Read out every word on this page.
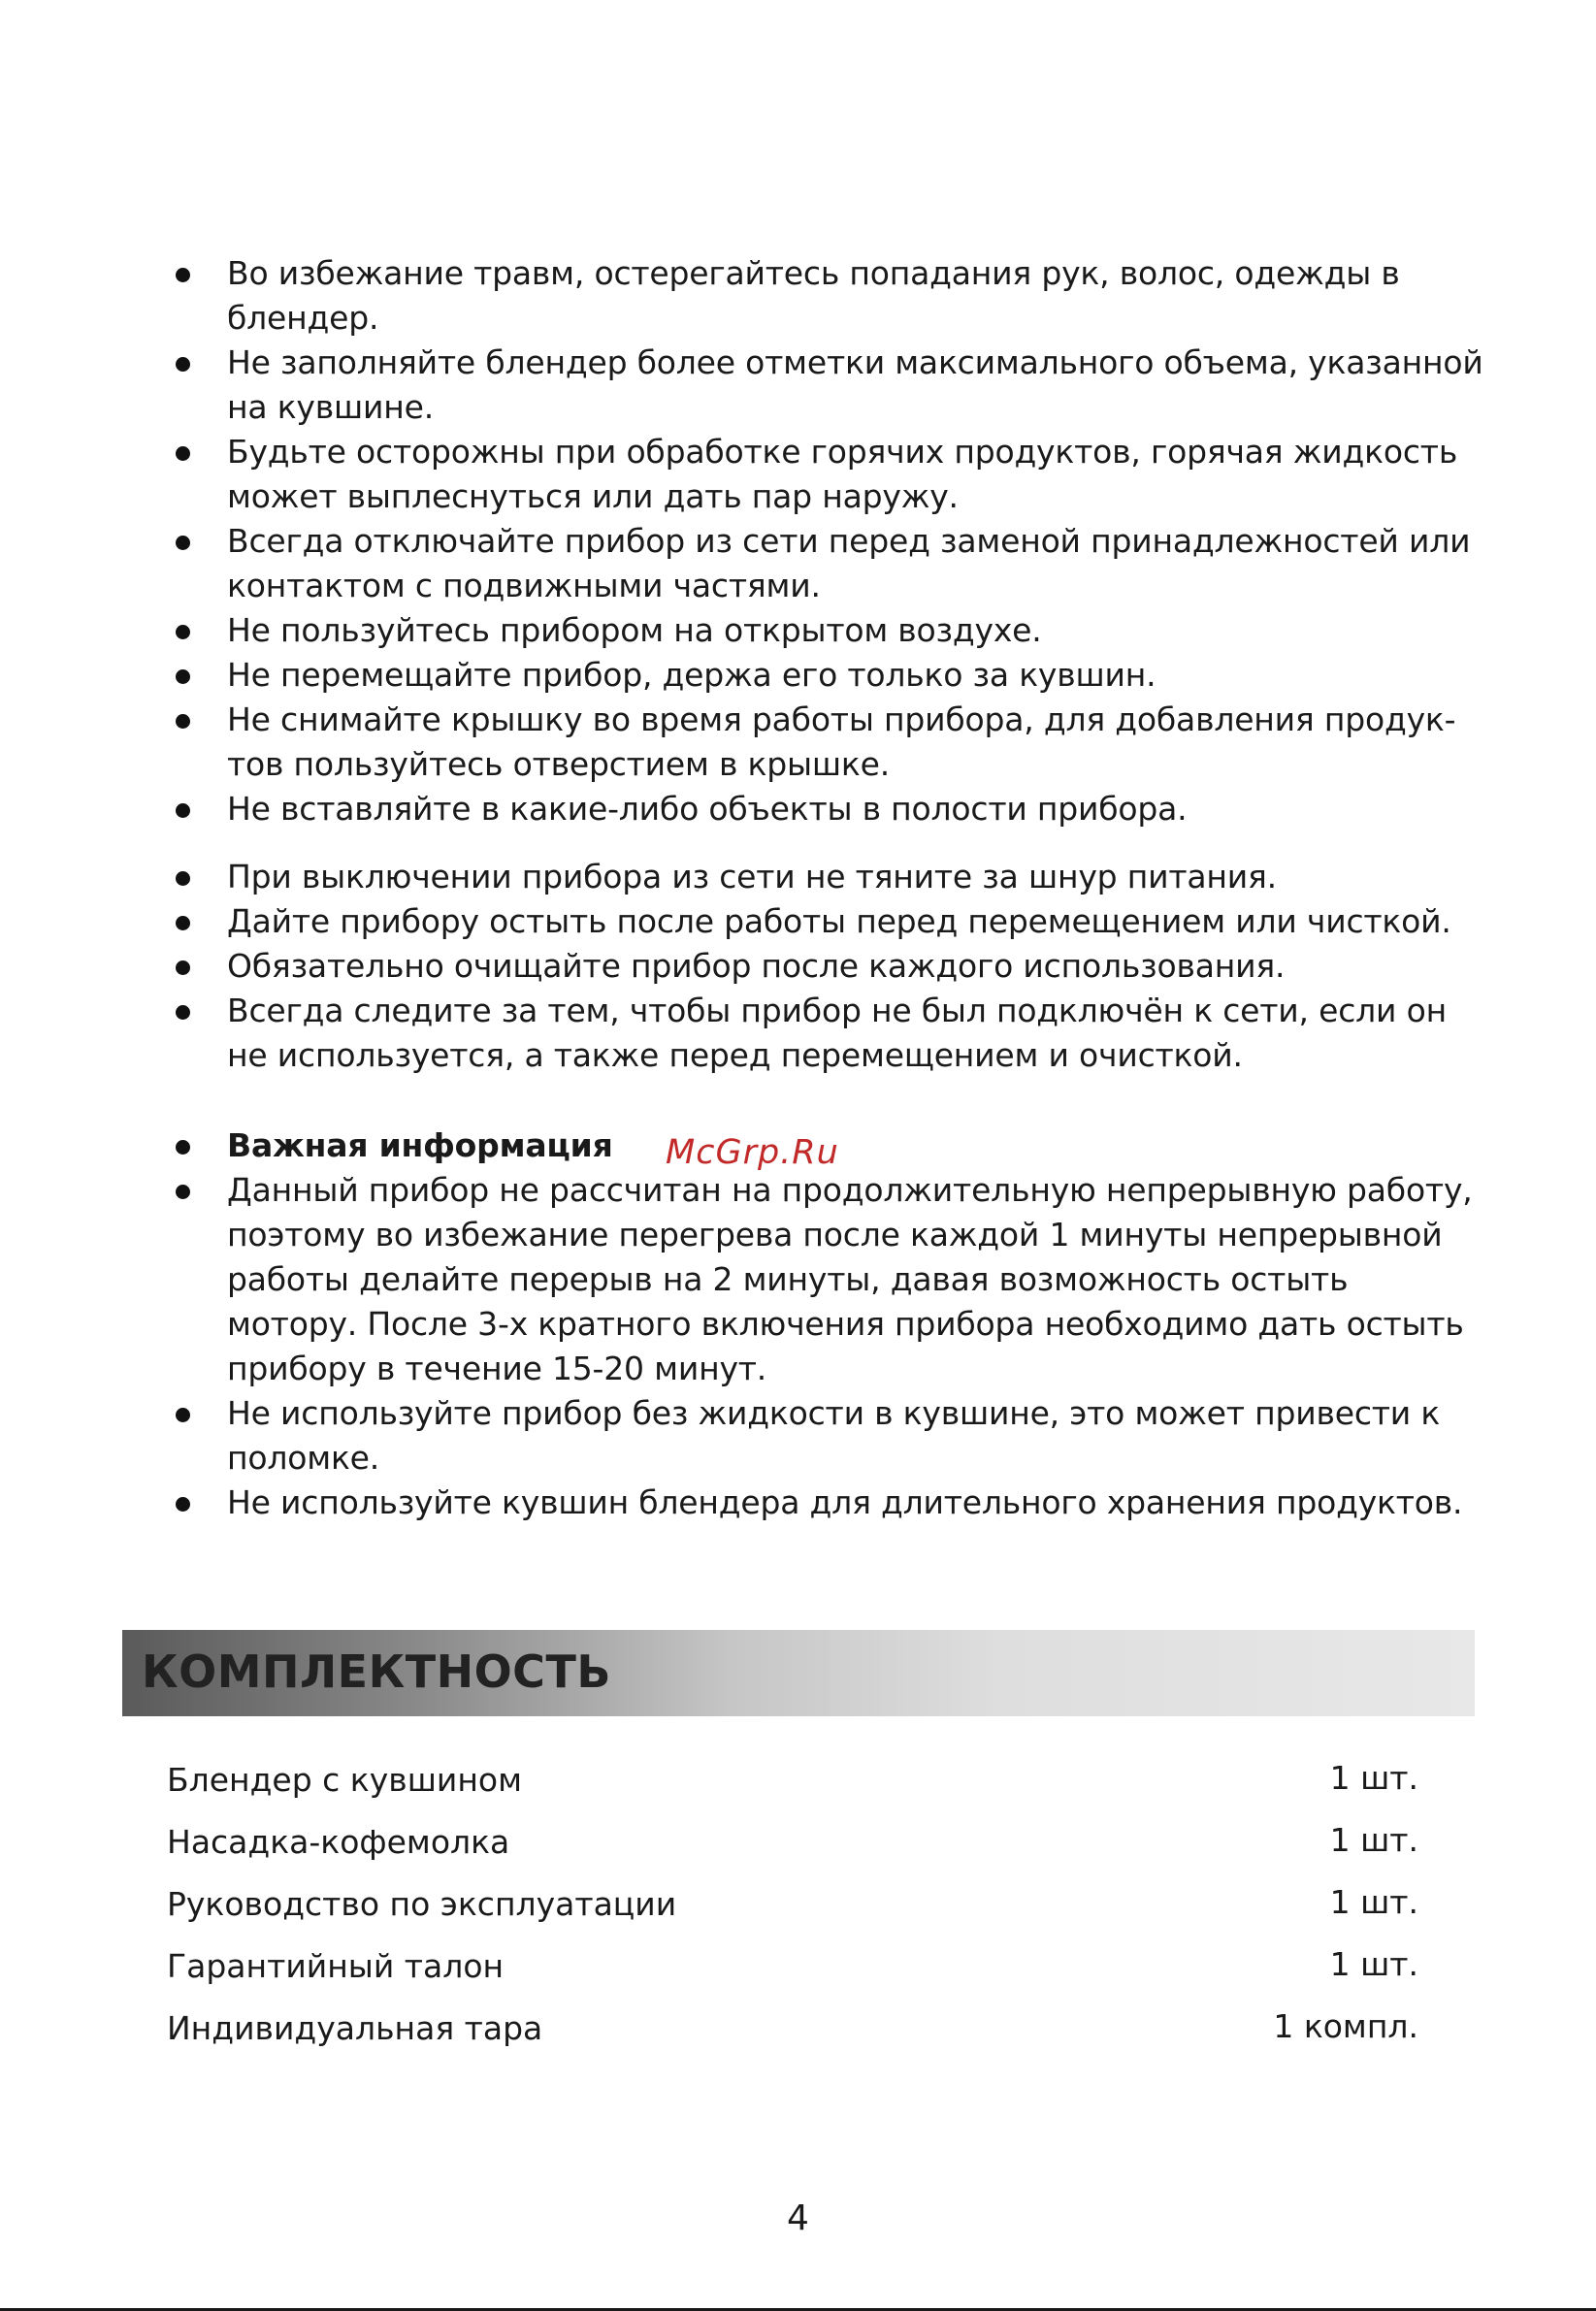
Во избежание травм, остерегайтесь попадания рук, волос, одежды в блендер.
Не заполняйте блендер более отметки максимального объема, указанной на кувшине.
Будьте осторожны при обработке горячих продуктов, горячая жидкость может выплеснуться или дать пар наружу.
Всегда отключайте прибор из сети перед заменой принадлежностей или контактом с подвижными частями.
Не пользуйтесь прибором на открытом воздухе.
Не перемещайте прибор, держа его только за кувшин.
Не снимайте крышку во время работы прибора, для добавления продук-тов пользуйтесь отверстием в крышке.
Не вставляйте в какие-либо объекты в полости прибора.
При выключении прибора из сети не тяните за шнур питания.
Дайте прибору остыть после работы перед перемещением или чисткой.
Обязательно очищайте прибор после каждого использования.
Всегда следите за тем, чтобы прибор не был подключён к сети, если он не используется, а также перед перемещением и очисткой.
Важная информация
Данный прибор не рассчитан на продолжительную непрерывную работу, поэтому во избежание перегрева после каждой 1 минуты непрерывной работы делайте перерыв на 2 минуты, давая возможность остыть мотору. После 3-х кратного включения прибора необходимо дать остыть прибору в течение 15-20 минут.
Не используйте прибор без жидкости в кувшине, это может привести к поломке.
Не используйте кувшин блендера для длительного хранения продуктов.
McGrp.Ru
КОМПЛЕКТНОСТЬ
Блендер с кувшином	1 шт.
Насадка-кофемолка	1 шт.
Руководство по эксплуатации	1 шт.
Гарантийный талон	1 шт.
Индивидуальная тара	1 компл.
4
